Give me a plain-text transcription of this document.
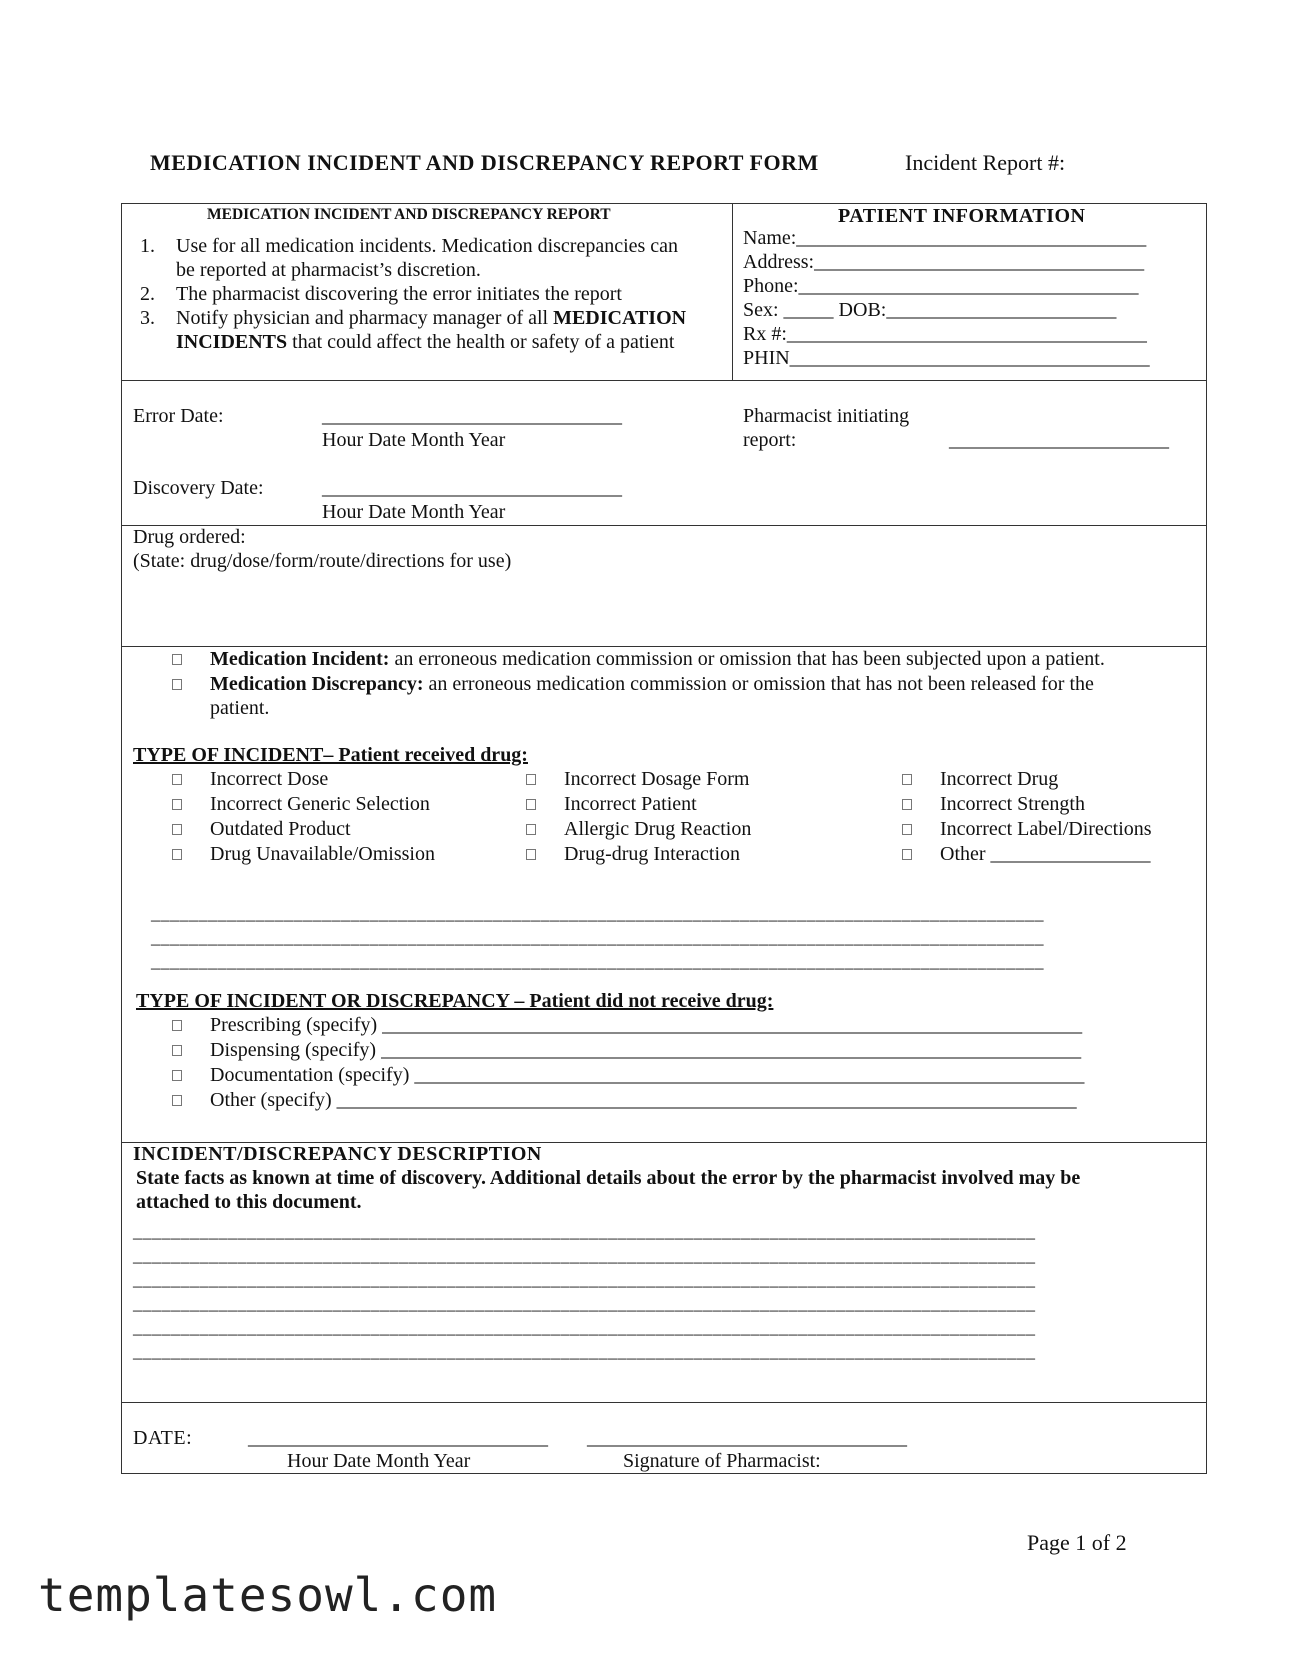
MEDICATION INCIDENT AND DISCREPANCY REPORT FORM	Incident Report #:
MEDICATION INCIDENT AND DISCREPANCY REPORT
1. Use for all medication incidents. Medication discrepancies can
be reported at pharmacist’s discretion.
2. The pharmacist discovering the error initiates the report
3. Notify physician and pharmacy manager of all MEDICATION
INCIDENTS that could affect the health or safety of a patient
PATIENT INFORMATION
Name:___________________________________
Address:_________________________________
Phone:__________________________________
Sex: _____ DOB:_______________________
Rx #:____________________________________
PHIN____________________________________
Error Date:	______________________________
Hour Date Month Year
Discovery Date:	______________________________
Hour Date Month Year
Pharmacist initiating
report:	______________________
Drug ordered:
(State: drug/dose/form/route/directions for use)
Medication Incident: an erroneous medication commission or omission that has been subjected upon a patient.
Medication Discrepancy: an erroneous medication commission or omission that has not been released for the
patient.
TYPE OF INCIDENT– Patient received drug:
Incorrect Dose
Incorrect Generic Selection
Outdated Product
Drug Unavailable/Omission
Incorrect Dosage Form
Incorrect Patient
Allergic Drug Reaction
Drug-drug Interaction
Incorrect Drug
Incorrect Strength
Incorrect Label/Directions
Other ________________
______________________________________________________________________________________________
______________________________________________________________________________________________
______________________________________________________________________________________________
TYPE OF INCIDENT OR DISCREPANCY – Patient did not receive drug:
Prescribing (specify) ______________________________________________________________________
Dispensing (specify) ______________________________________________________________________
Documentation (specify) ___________________________________________________________________
Other (specify) __________________________________________________________________________
INCIDENT/DISCREPANCY DESCRIPTION
State facts as known at time of discovery. Additional details about the error by the pharmacist involved may be
attached to this document.
_______________________________________________________________________________________________
_______________________________________________________________________________________________
_______________________________________________________________________________________________
_______________________________________________________________________________________________
_______________________________________________________________________________________________
_______________________________________________________________________________________________
DATE:	______________________________
Hour Date Month Year
________________________________
Signature of Pharmacist:
Page 1 of 2
templatesowl.com
